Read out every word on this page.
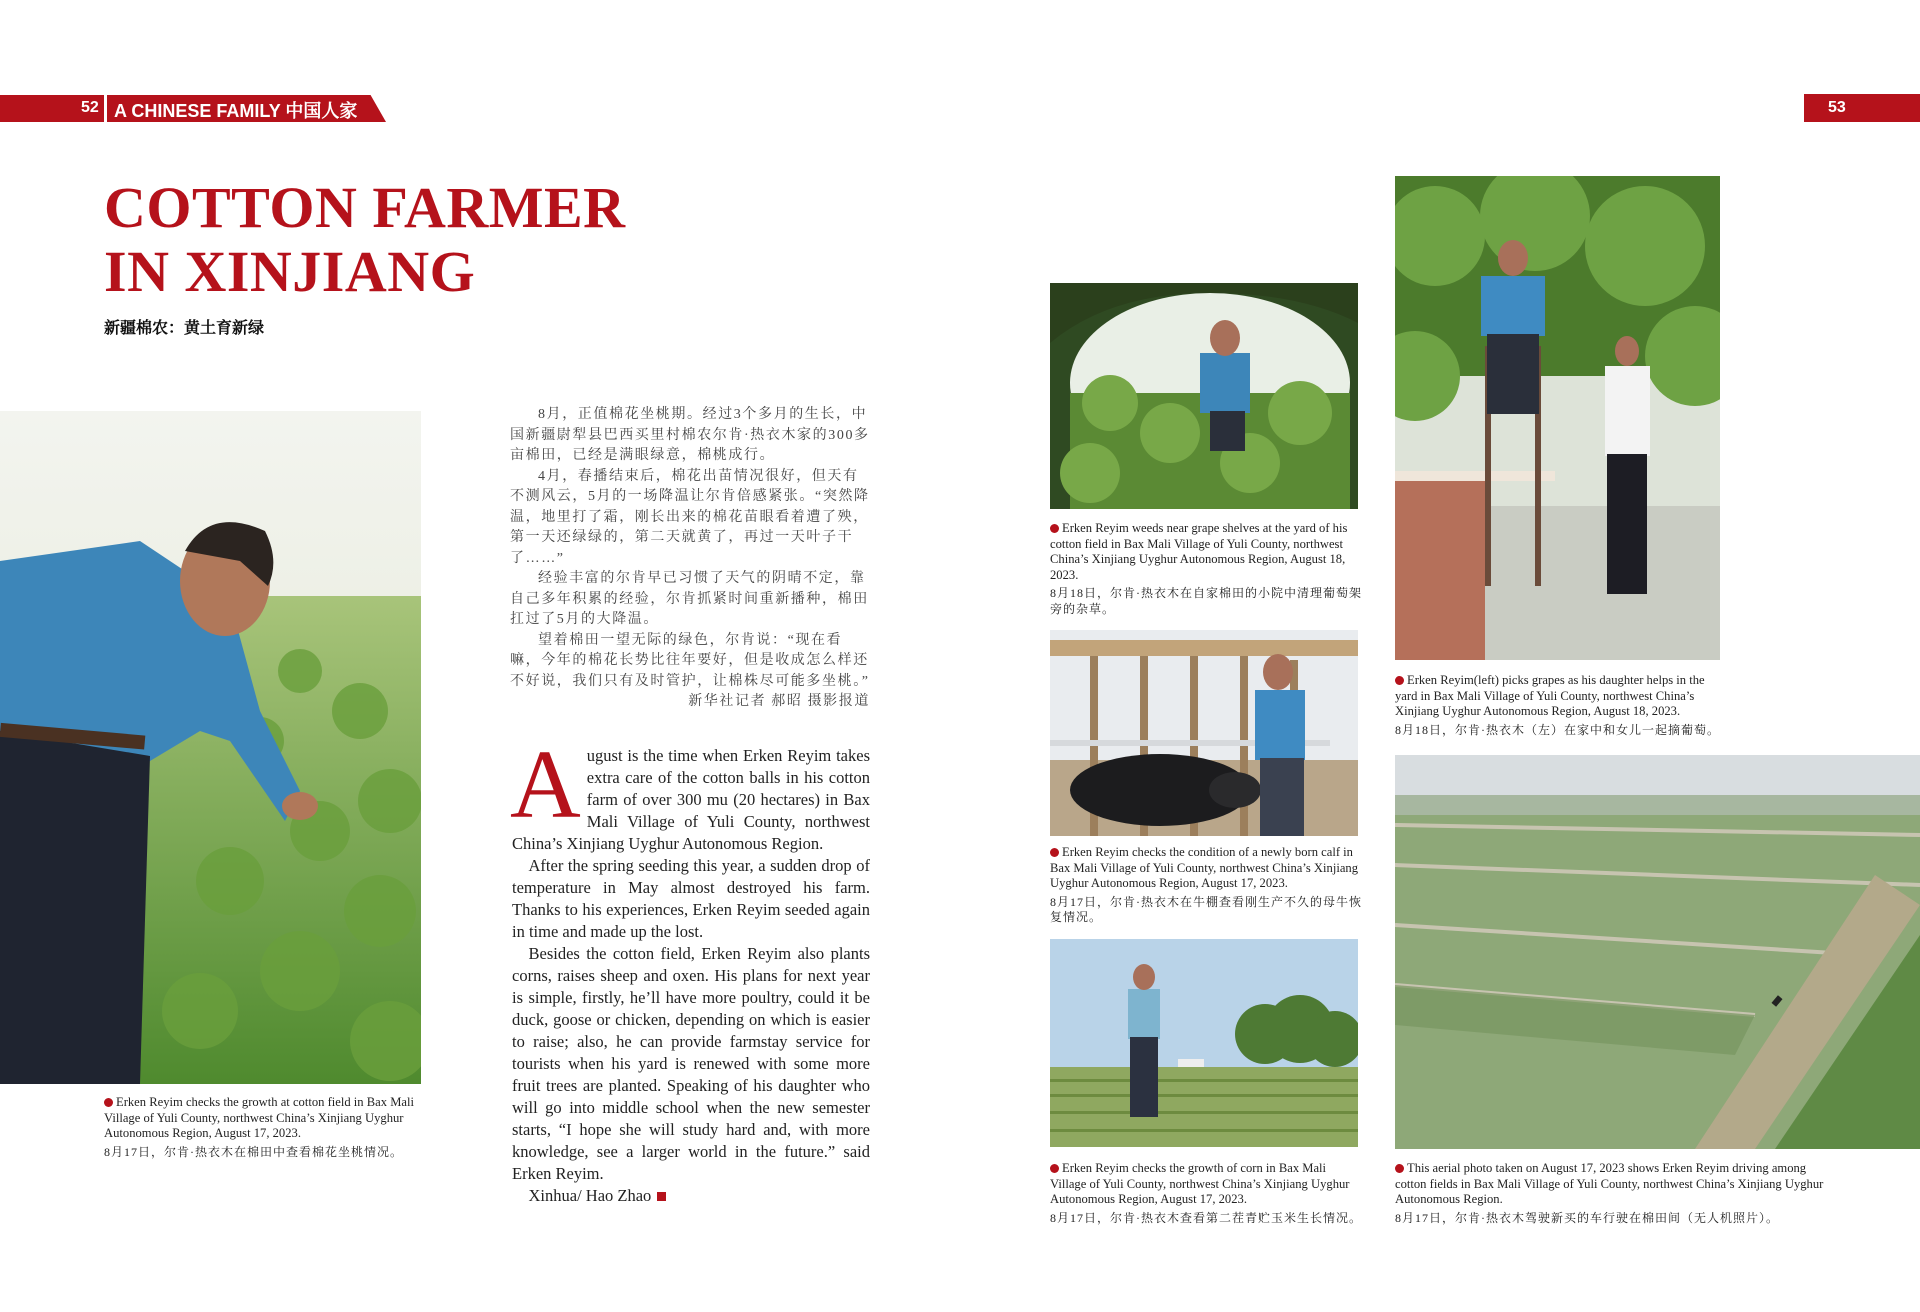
52 A CHINESE FAMILY 中国人家	53
COTTON FARMER
IN XINJIANG
新疆棉农：黄土育新绿
Erken Reyim checks the growth at cotton field in Bax Mali Village of Yuli County, northwest China’s Xinjiang Uyghur Autonomous Region, August 17, 2023.
8月17日，尔肯·热衣木在棉田中查看棉花坐桃情况。

8月，正值棉花坐桃期。经过3个多月的生长，中国新疆尉犁县巴西买里村棉农尔肯·热衣木家的300多亩棉田，已经是满眼绿意，棉桃成行。

4月，春播结束后，棉花出苗情况很好，但天有不测风云，5月的一场降温让尔肯倍感紧张。“突然降温，地里打了霜，刚长出来的棉花苗眼看着遭了殃，第一天还绿绿的，第二天就黄了，再过一天叶子干了……”

经验丰富的尔肯早已习惯了天气的阴晴不定，靠自己多年积累的经验，尔肯抓紧时间重新播种，棉田扛过了5月的大降温。

望着棉田一望无际的绿色，尔肯说：“现在看嘛，今年的棉花长势比往年要好，但是收成怎么样还不好说，我们只有及时管护，让棉株尽可能多坐桃。”

新华社记者 郝昭 摄影报道

August is the time when Erken Reyim takes extra care of the cotton balls in his cotton farm of over 300 mu (20 hectares) in Bax Mali Village of Yuli County, northwest China’s Xinjiang Uyghur Autonomous Region.

After the spring seeding this year, a sudden drop of temperature in May almost destroyed his farm. Thanks to his experiences, Erken Reyim seeded again in time and made up the lost.

Besides the cotton field, Erken Reyim also plants corns, raises sheep and oxen. His plans for next year is simple, firstly, he’ll have more poultry, could it be duck, goose or chicken, depending on which is easier to raise; also, he can provide farmstay service for tourists when his yard is renewed with some more fruit trees are planted. Speaking of his daughter who will go into middle school when the new semester starts, “I hope she will study hard and, with more knowledge, see a larger world in the future.” said Erken Reyim.

Xinhua/ Hao Zhao

Erken Reyim weeds near grape shelves at the yard of his cotton field in Bax Mali Village of Yuli County, northwest China’s Xinjiang Uyghur Autonomous Region, August 18, 2023.
8月18日，尔肯·热衣木在自家棉田的小院中清理葡萄架旁的杂草。
Erken Reyim checks the condition of a newly born calf in Bax Mali Village of Yuli County, northwest China’s Xinjiang Uyghur Autonomous Region, August 17, 2023.
8月17日，尔肯·热衣木在牛棚查看刚生产不久的母牛恢复情况。
Erken Reyim checks the growth of corn in Bax Mali Village of Yuli County, northwest China’s Xinjiang Uyghur Autonomous Region, August 17, 2023.
8月17日，尔肯·热衣木查看第二茬青贮玉米生长情况。
Erken Reyim(left) picks grapes as his daughter helps in the yard in Bax Mali Village of Yuli County, northwest China’s Xinjiang Uyghur Autonomous Region, August 18, 2023.
8月18日，尔肯·热衣木（左）在家中和女儿一起摘葡萄。
This aerial photo taken on August 17, 2023 shows Erken Reyim driving among cotton fields in Bax Mali Village of Yuli County, northwest China’s Xinjiang Uyghur Autonomous Region.
8月17日，尔肯·热衣木驾驶新买的车行驶在棉田间（无人机照片）。
